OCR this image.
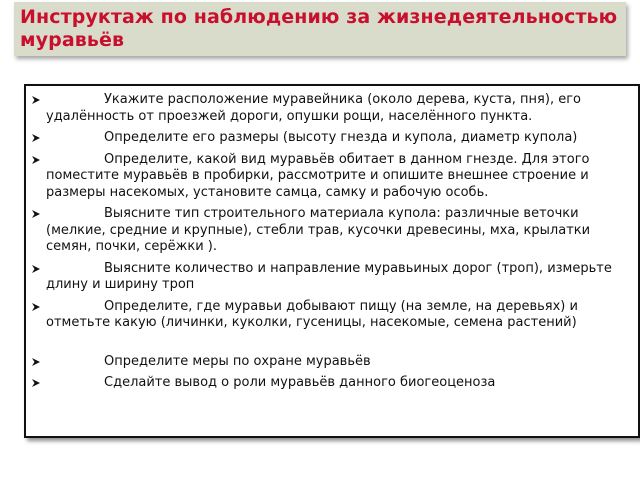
Инструктаж по наблюдению за жизнедеятельностью муравьёв
Укажите расположение муравейника (около дерева, куста, пня), его удалённость от проезжей дороги, опушки рощи, населённого пункта.
Определите его размеры (высоту гнезда и купола, диаметр купола)
Определите, какой вид муравьёв обитает в данном гнезде. Для этого поместите муравьёв в пробирки, рассмотрите и опишите внешнее строение и размеры насекомых, установите самца, самку и рабочую особь.
Выясните тип строительного материала купола: различные веточки (мелкие, средние и крупные), стебли трав, кусочки древесины, мха, крылатки семян, почки, серёжки ).
Выясните количество и направление муравьиных дорог (троп), измерьте длину и ширину троп
Определите, где муравьи добывают пищу (на земле, на деревьях) и отметьте какую (личинки, куколки, гусеницы, насекомые, семена растений)
Определите меры по охране муравьёв
Сделайте вывод о роли муравьёв данного биогеоценоза
